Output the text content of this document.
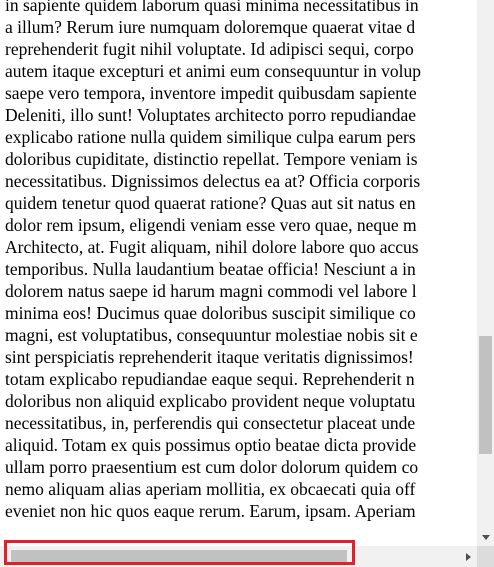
in sapiente quidem laborum quasi minima necessitatibus in
a illum? Rerum iure numquam doloremque quaerat vitae d
reprehenderit fugit nihil voluptate. Id adipisci sequi, corpo
autem itaque excepturi et animi eum consequuntur in volup
saepe vero tempora, inventore impedit quibusdam sapiente
Deleniti, illo sunt! Voluptates architecto porro repudiandae
explicabo ratione nulla quidem similique culpa earum pers
doloribus cupiditate, distinctio repellat. Tempore veniam is
necessitatibus. Dignissimos delectus ea at? Officia corporis
quidem tenetur quod quaerat ratione? Quas aut sit natus en
dolor rem ipsum, eligendi veniam esse vero quae, neque m
Architecto, at. Fugit aliquam, nihil dolore labore quo accus
temporibus. Nulla laudantium beatae officia! Nesciunt a in
dolorem natus saepe id harum magni commodi vel labore l
minima eos! Ducimus quae doloribus suscipit similique co
magni, est voluptatibus, consequuntur molestiae nobis sit e
sint perspiciatis reprehenderit itaque veritatis dignissimos!
totam explicabo repudiandae eaque sequi. Reprehenderit n
doloribus non aliquid explicabo provident neque voluptatu
necessitatibus, in, perferendis qui consectetur placeat unde
aliquid. Totam ex quis possimus optio beatae dicta provide
ullam porro praesentium est cum dolor dolorum quidem co
nemo aliquam alias aperiam mollitia, ex obcaecati quia off
eveniet non hic quos eaque rerum. Earum, ipsam. Aperiam
